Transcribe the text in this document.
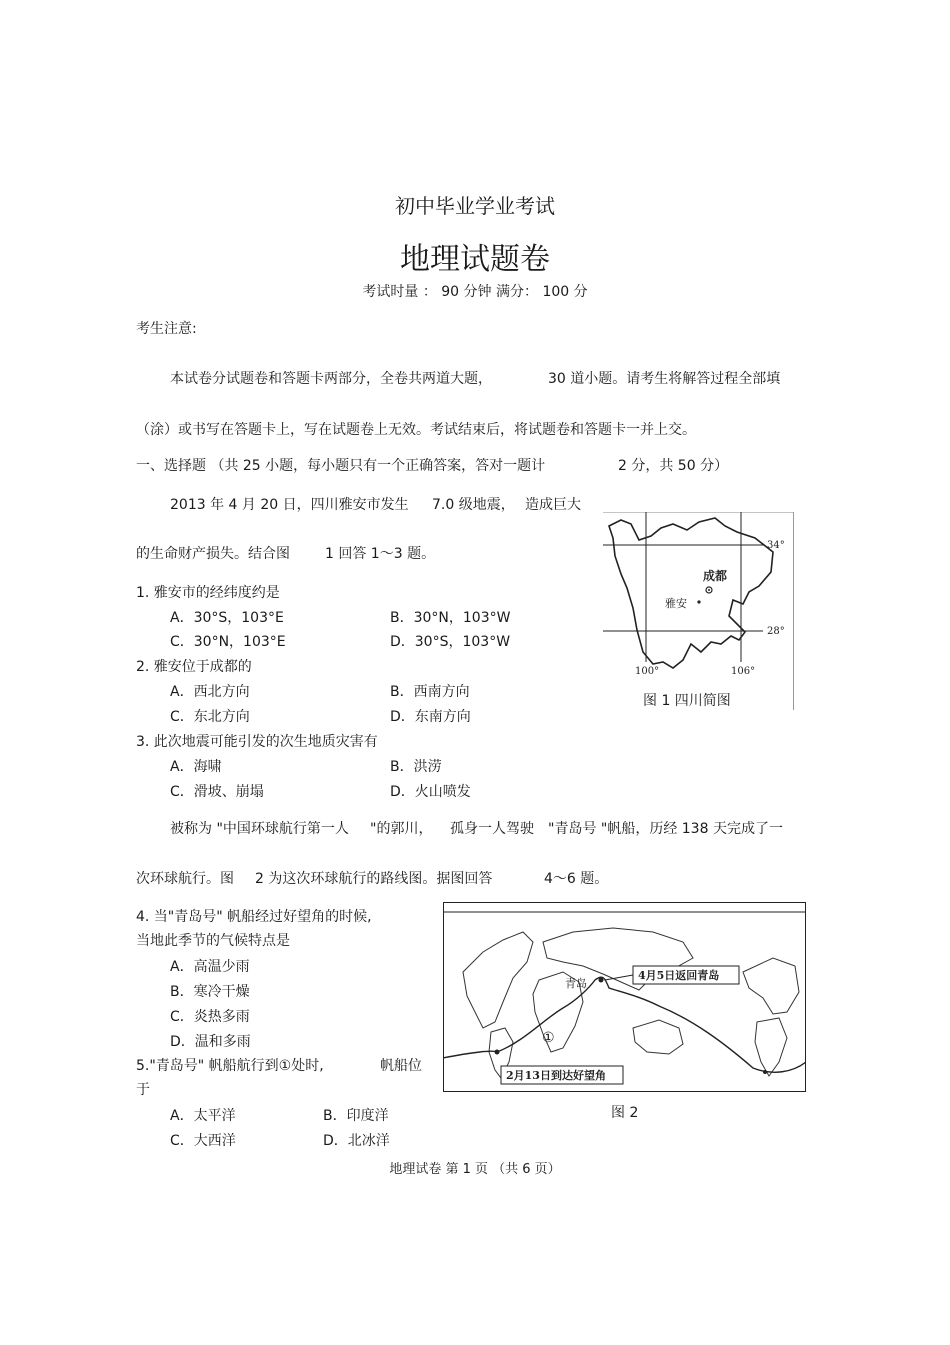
初中毕业学业考试
地理试题卷
考试时量 ： 90 分钟 满分： 100 分
考生注意:
本试卷分试题卷和答题卡两部分，全卷共两道大题，	30 道小题。请考生将解答过程全部填
（涂）或书写在答题卡上，写在试题卷上无效。考试结束后，将试题卷和答题卡一并上交。
一、选择题 （共 25 小题，每小题只有一个正确答案，答对一题计	2 分，共 50 分）
2013 年 4 月 20 日，四川雅安市发生 7.0 级地震， 造成巨大
的生命财产损失。结合图	1 回答 1～3 题。
1. 雅安市的经纬度约是
A．30°S，103°E	B．30°N，103°W
C．30°N，103°E	D．30°S，103°W
2. 雅安位于成都的
A．西北方向	B．西南方向
C．东北方向	D．东南方向
3. 此次地震可能引发的次生地质灾害有
A．海啸	B．洪涝
C．滑坡、崩塌	D．火山喷发
成都
雅安
34°
28°
100°	106°
图 1 四川简图
被称为 "中国环球航行第一人 "的郭川， 孤身一人驾驶 "青岛号 "帆船，历经 138 天完成了一
次环球航行。图 2 为这次环球航行的路线图。据图回答	4～6 题。
4. 当"青岛号" 帆船经过好望角的时候,
当地此季节的气候特点是
A．高温少雨
B．寒冷干燥
C．炎热多雨
D．温和多雨
5."青岛号" 帆船航行到①处时,	帆船位
于
A．太平洋	B．印度洋
C．大西洋	D．北冰洋
青岛
4月5日返回青岛
①
2月13日到达好望角
图 2
地理试卷 第 1 页 （共 6 页）
